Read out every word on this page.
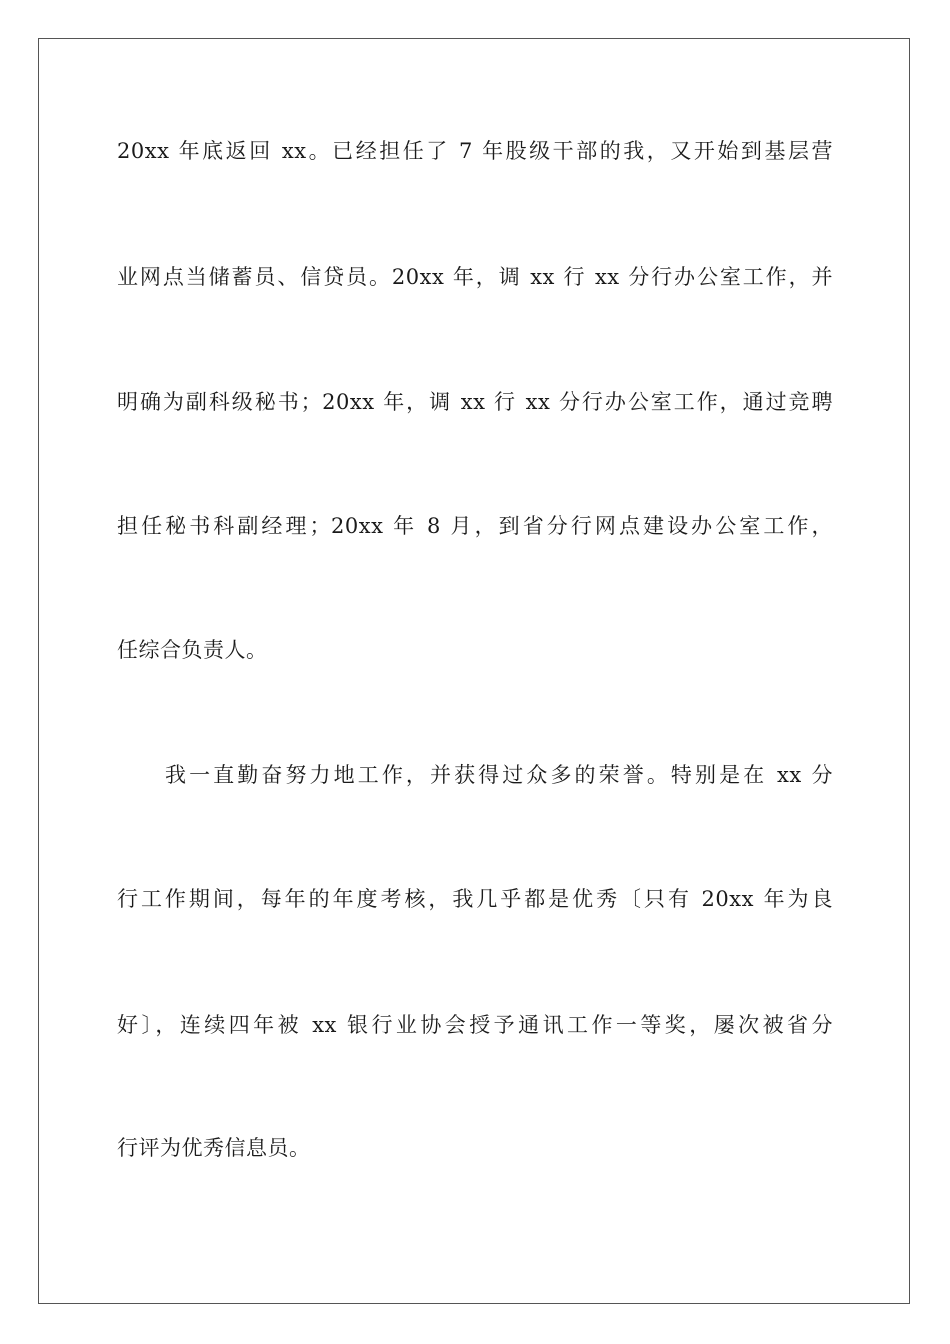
20xx 年底返回 xx。已经担任了 7 年股级干部的我，又开始到基层营
业网点当储蓄员、信贷员。20xx 年，调 xx 行 xx 分行办公室工作，并
明确为副科级秘书；20xx 年，调 xx 行 xx 分行办公室工作，通过竞聘
担任秘书科副经理；20xx 年 8 月，到省分行网点建设办公室工作，
任综合负责人。
我一直勤奋努力地工作，并获得过众多的荣誉。特别是在 xx 分
行工作期间，每年的年度考核，我几乎都是优秀〔只有 20xx 年为良
好〕，连续四年被 xx 银行业协会授予通讯工作一等奖，屡次被省分
行评为优秀信息员。
